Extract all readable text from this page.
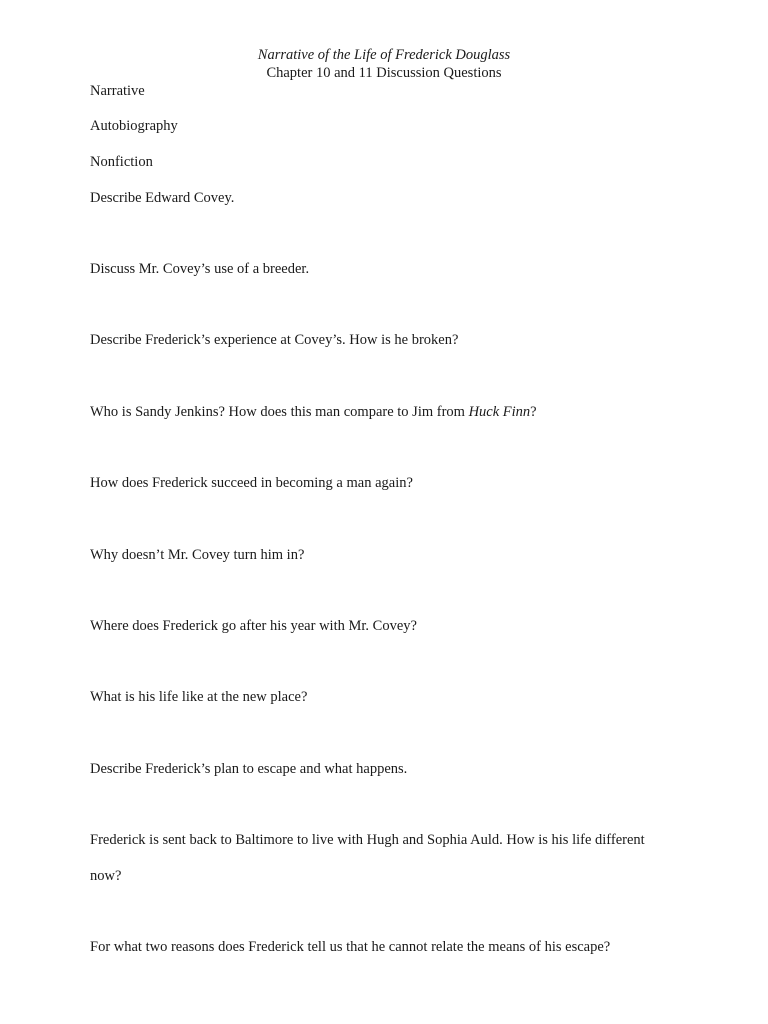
Narrative of the Life of Frederick Douglass
Chapter 10 and 11 Discussion Questions
Narrative
Autobiography
Nonfiction
Describe Edward Covey.
Discuss Mr. Covey’s use of a breeder.
Describe Frederick’s experience at Covey’s. How is he broken?
Who is Sandy Jenkins? How does this man compare to Jim from Huck Finn?
How does Frederick succeed in becoming a man again?
Why doesn’t Mr. Covey turn him in?
Where does Frederick go after his year with Mr. Covey?
What is his life like at the new place?
Describe Frederick’s plan to escape and what happens.
Frederick is sent back to Baltimore to live with Hugh and Sophia Auld. How is his life different
now?
For what two reasons does Frederick tell us that he cannot relate the means of his escape?
